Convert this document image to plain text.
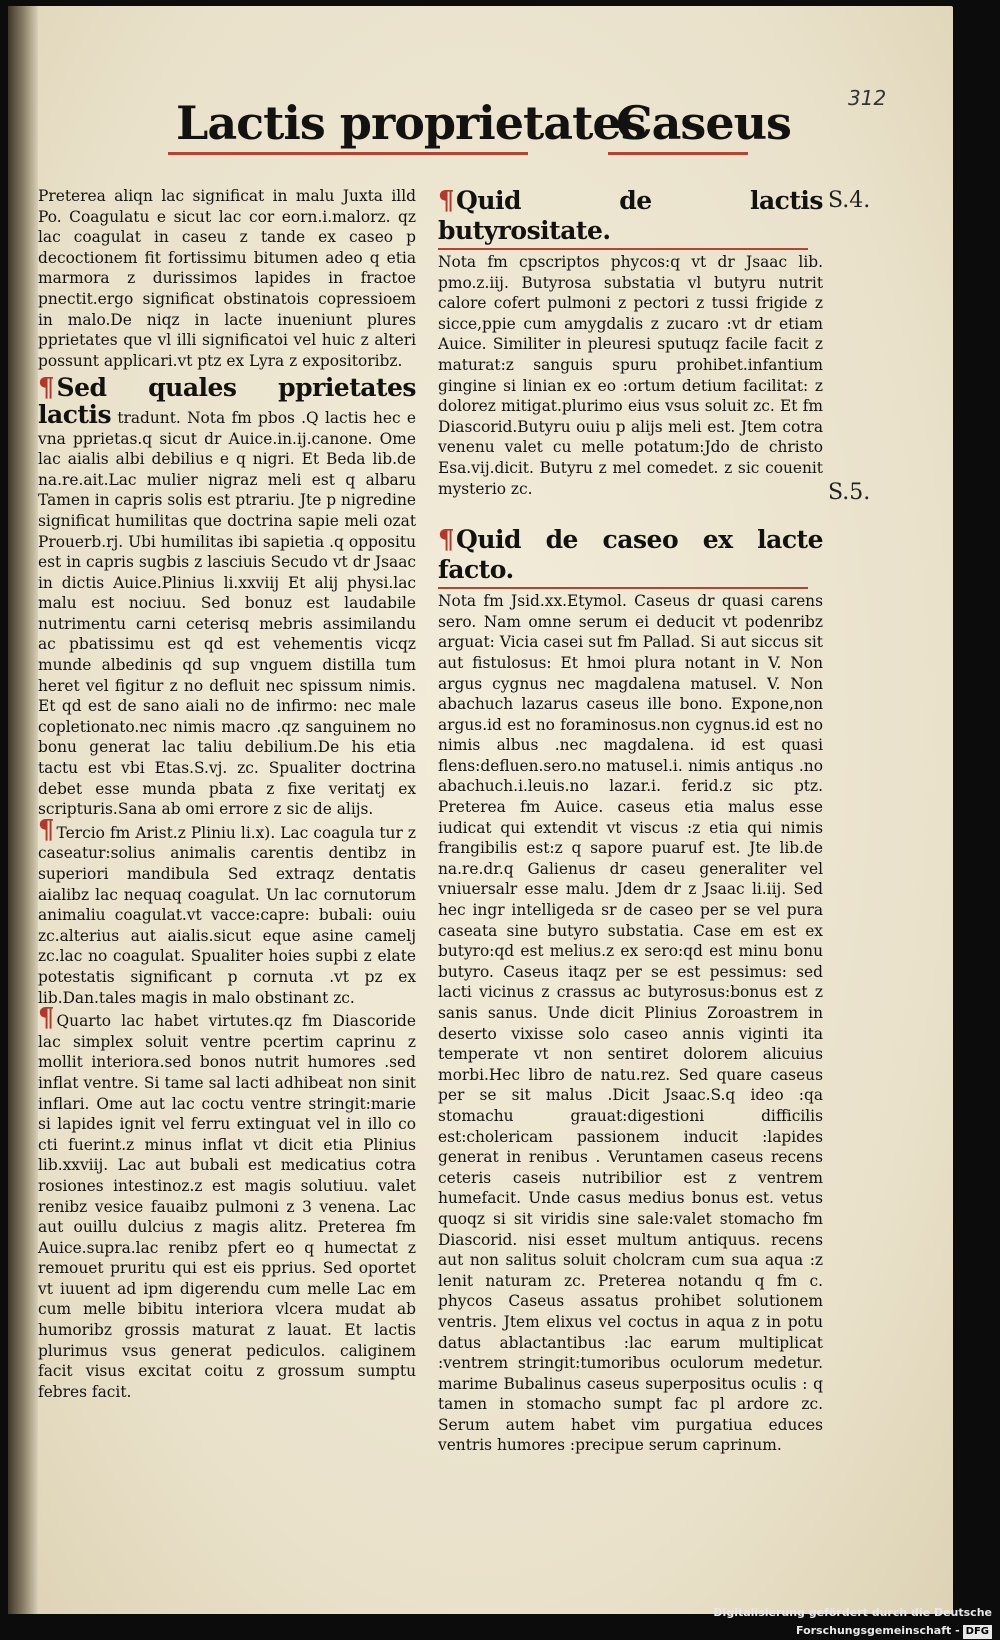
312
Lactis proprietates
Caseus

Preterea aliqn lac significat in malu Juxta illd Po. Coagulatu e sicut lac cor eorn.i.malorz. qz lac coagulat in caseu z tande ex caseo p decoctionem fit fortissimu bitumen adeo q etia marmora z durissimos lapides in fractoe pnectit.ergo significat obstinatois copressioem in malo.De niqz in lacte inueniunt plures pprietates que vl illi significatoi vel huic z alteri possunt applicari.vt ptz ex Lyra z expositoribz.

¶Sed quales pprietates lactis tradunt. Nota fm pbos .Q lactis hec e vna pprietas.q sicut dr Auice.in.ij.canone. Ome lac aialis albi debilius e q nigri. Et Beda lib.de na.re.ait.Lac mulier nigraz meli est q albaru Tamen in capris solis est ptrariu. Jte p nigredine significat humilitas que doctrina sapie meli ozat Prouerb.rj. Ubi humilitas ibi sapietia .q oppositu est in capris sugbis z lasciuis Secudo vt dr Jsaac in dictis Auice.Plinius li.xxviij Et alij physi.lac malu est nociuu. Sed bonuz est laudabile nutrimentu carni ceterisq mebris assimilandu ac pbatissimu est qd est vehementis vicqz munde albedinis qd sup vnguem distilla tum heret vel figitur z no defluit nec spissum nimis. Et qd est de sano aiali no de infirmo: nec male copletionato.nec nimis macro .qz sanguinem no bonu generat lac taliu debilium.De his etia tactu est vbi Etas.S.vj. zc. Spualiter doctrina debet esse munda pbata z fixe veritatj ex scripturis.Sana ab omi errore z sic de alijs.

¶ Tercio fm Arist.z Pliniu li.x). Lac coagula tur z caseatur:solius animalis carentis dentibz in superiori mandibula Sed extraqz dentatis aialibz lac nequaq coagulat. Un lac cornutorum animaliu coagulat.vt vacce:capre: bubali: ouiu zc.alterius aut aialis.sicut eque asine camelj zc.lac no coagulat. Spualiter hoies supbi z elate potestatis significant p cornuta .vt pz ex lib.Dan.tales magis in malo obstinant zc.

¶ Quarto lac habet virtutes.qz fm Diascoride lac simplex soluit ventre pcertim caprinu z mollit interiora.sed bonos nutrit humores .sed inflat ventre. Si tame sal lacti adhibeat non sinit inflari. Ome aut lac coctu ventre stringit:marie si lapides ignit vel ferru extinguat vel in illo co cti fuerint.z minus inflat vt dicit etia Plinius lib.xxviij. Lac aut bubali est medicatius cotra rosiones intestinoz.z est magis solutiuu. valet renibz vesice fauaibz pulmoni z 3 venena. Lac aut ouillu dulcius z magis alitz. Preterea fm Auice.supra.lac renibz pfert eo q humectat z remouet pruritu qui est eis pprius. Sed oportet vt iuuent ad ipm digerendu cum melle Lac em cum melle bibitu interiora vlcera mudat ab humoribz grossis maturat z lauat. Et lactis plurimus vsus generat pediculos. caliginem facit visus excitat coitu z grossum sumptu febres facit.

¶Quid de lactis butyrositate.

Nota fm cpscriptos phycos:q vt dr Jsaac lib. pmo.z.iij. Butyrosa substatia vl butyru nutrit calore cofert pulmoni z pectori z tussi frigide z sicce,ppie cum amygdalis z zucaro :vt dr etiam Auice. Similiter in pleuresi sputuqz facile facit z maturat:z sanguis spuru prohibet.infantium gingine si linian ex eo :ortum detium facilitat: z dolorez mitigat.plurimo eius vsus soluit zc. Et fm Diascorid.Butyru ouiu p alijs meli est. Jtem cotra venenu valet cu melle potatum:Jdo de christo Esa.vij.dicit. Butyru z mel comedet. z sic couenit mysterio zc.

¶Quid de caseo ex lacte facto.

Nota fm Jsid.xx.Etymol. Caseus dr quasi carens sero. Nam omne serum ei deducit vt podenribz arguat: Vicia casei sut fm Pallad. Si aut siccus sit aut fistulosus: Et hmoi plura notant in V. Non argus cygnus nec magdalena matusel. V. Non abachuch lazarus caseus ille bono. Expone,non argus.id est no foraminosus.non cygnus.id est no nimis albus .nec magdalena. id est quasi flens:defluen.sero.no matusel.i. nimis antiqus .no abachuch.i.leuis.no lazar.i. ferid.z sic ptz. Preterea fm Auice. caseus etia malus esse iudicat qui extendit vt viscus :z etia qui nimis frangibilis est:z q sapore puaruf est. Jte lib.de na.re.dr.q Galienus dr caseu generaliter vel vniuersalr esse malu. Jdem dr z Jsaac li.iij. Sed hec ingr intelligeda sr de caseo per se vel pura caseata sine butyro substatia. Case em est ex butyro:qd est melius.z ex sero:qd est minu bonu butyro. Caseus itaqz per se est pessimus: sed lacti vicinus z crassus ac butyrosus:bonus est z sanis sanus. Unde dicit Plinius Zoroastrem in deserto vixisse solo caseo annis viginti ita temperate vt non sentiret dolorem alicuius morbi.Hec libro de natu.rez. Sed quare caseus per se sit malus .Dicit Jsaac.S.q ideo :qa stomachu grauat:digestioni difficilis est:cholericam passionem inducit :lapides generat in renibus . Veruntamen caseus recens ceteris caseis nutribilior est z ventrem humefacit. Unde casus medius bonus est. vetus quoqz si sit viridis sine sale:valet stomacho fm Diascorid. nisi esset multum antiquus. recens aut non salitus soluit cholcram cum sua aqua :z lenit naturam zc. Preterea notandu q fm c. phycos Caseus assatus prohibet solutionem ventris. Jtem elixus vel coctus in aqua z in potu datus ablactantibus :lac earum multiplicat :ventrem stringit:tumoribus oculorum medetur. marime Bubalinus caseus superpositus oculis : q tamen in stomacho sumpt fac pl ardore zc. Serum autem habet vim purgatiua educes ventris humores :precipue serum caprinum.

S.4.
S.5.
Digitalisierung gefördert durch die Deutsche Forschungsgemeinschaft - DFG
